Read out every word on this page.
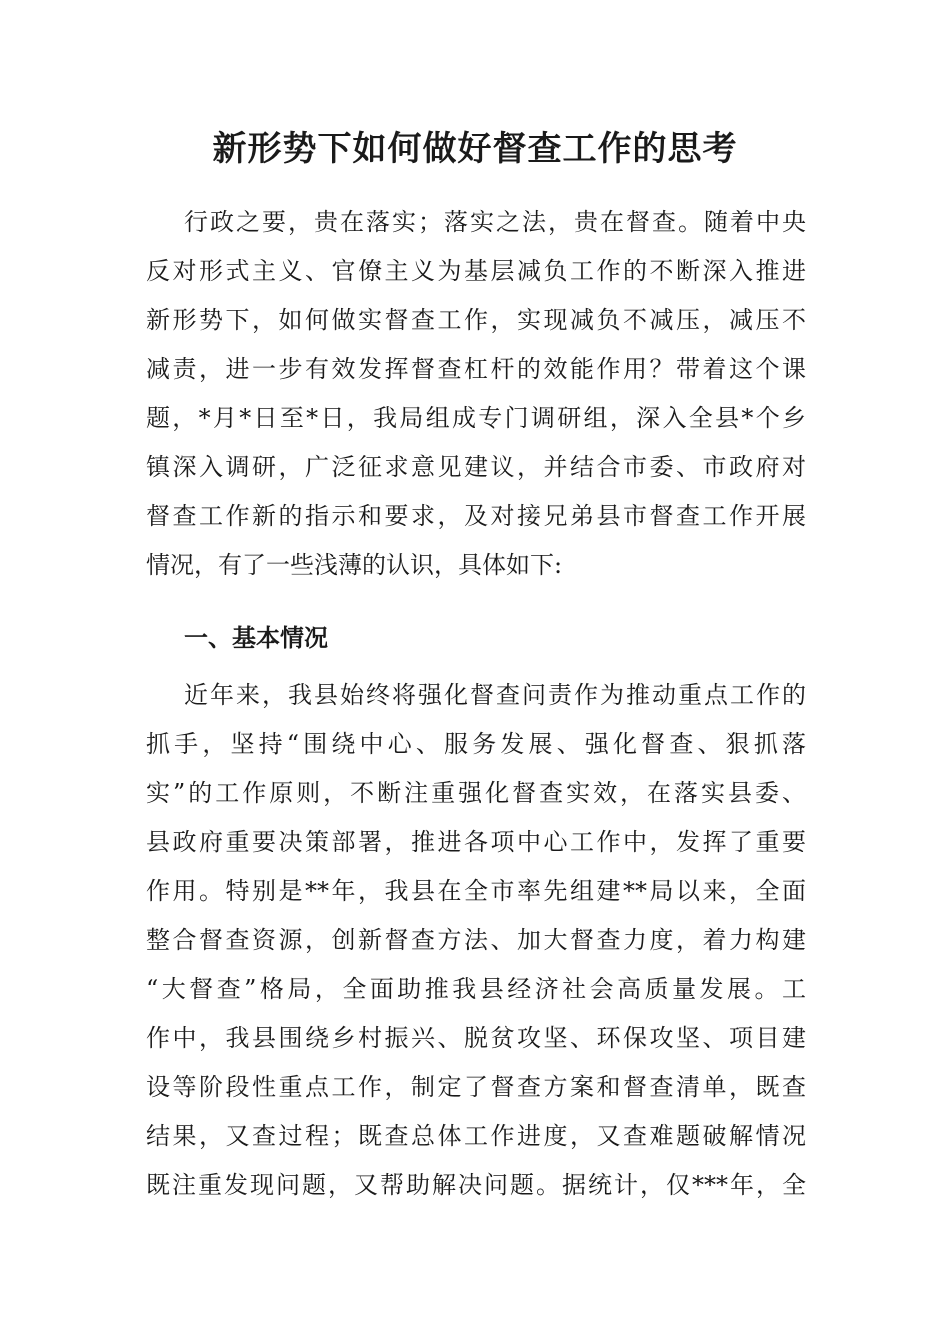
新形势下如何做好督查工作的思考
行政之要，贵在落实；落实之法，贵在督查。随着中央
反对形式主义、官僚主义为基层减负工作的不断深入推进
新形势下，如何做实督查工作，实现减负不减压，减压不
减责，进一步有效发挥督查杠杆的效能作用？带着这个课
题，*月*日至*日，我局组成专门调研组，深入全县*个乡
镇深入调研，广泛征求意见建议，并结合市委、市政府对
督查工作新的指示和要求，及对接兄弟县市督查工作开展
情况，有了一些浅薄的认识，具体如下:
一、基本情况
近年来，我县始终将强化督查问责作为推动重点工作的
抓手，坚持“围绕中心、服务发展、强化督查、狠抓落
实”的工作原则，不断注重强化督查实效，在落实县委、
县政府重要决策部署，推进各项中心工作中，发挥了重要
作用。特别是**年，我县在全市率先组建**局以来，全面
整合督查资源，创新督查方法、加大督查力度，着力构建
“大督查”格局，全面助推我县经济社会高质量发展。工
作中，我县围绕乡村振兴、脱贫攻坚、环保攻坚、项目建
设等阶段性重点工作，制定了督查方案和督查清单，既查
结果，又查过程；既查总体工作进度，又查难题破解情况
既注重发现问题，又帮助解决问题。据统计，仅***年，全
